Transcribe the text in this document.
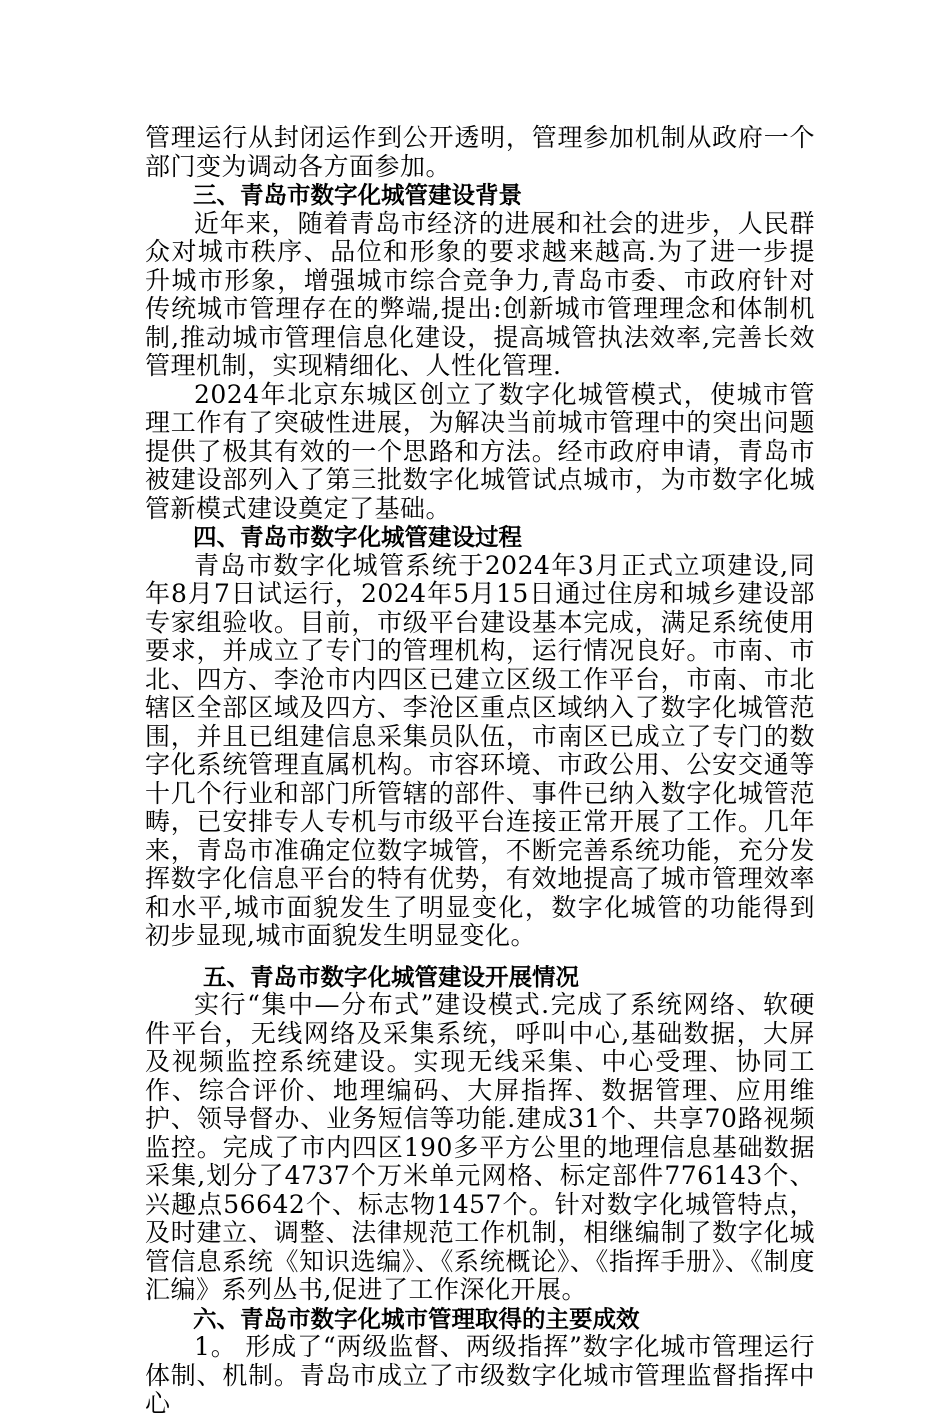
管理运行从封闭运作到公开透明，管理参加机制从政府一个部门变为调动各方面参加。

三、青岛市数字化城管建设背景

近年来，随着青岛市经济的进展和社会的进步，人民群众对城市秩序、品位和形象的要求越来越高.为了进一步提升城市形象，增强城市综合竞争力,青岛市委、市政府针对传统城市管理存在的弊端,提出:创新城市管理理念和体制机制,推动城市管理信息化建设，提高城管执法效率,完善长效管理机制，实现精细化、人性化管理.

2024年北京东城区创立了数字化城管模式，使城市管理工作有了突破性进展，为解决当前城市管理中的突出问题提供了极其有效的一个思路和方法。经市政府申请，青岛市被建设部列入了第三批数字化城管试点城市，为市数字化城管新模式建设奠定了基础。

四、青岛市数字化城管建设过程

青岛市数字化城管系统于2024年3月正式立项建设,同年8月7日试运行，2024年5月15日通过住房和城乡建设部专家组验收。目前，市级平台建设基本完成，满足系统使用要求，并成立了专门的管理机构，运行情况良好。市南、市北、四方、李沧市内四区已建立区级工作平台，市南、市北辖区全部区域及四方、李沧区重点区域纳入了数字化城管范围，并且已组建信息采集员队伍，市南区已成立了专门的数字化系统管理直属机构。市容环境、市政公用、公安交通等十几个行业和部门所管辖的部件、事件已纳入数字化城管范畴，已安排专人专机与市级平台连接正常开展了工作。几年来，青岛市准确定位数字城管，不断完善系统功能，充分发挥数字化信息平台的特有优势，有效地提高了城市管理效率和水平,城市面貌发生了明显变化，数字化城管的功能得到初步显现,城市面貌发生明显变化。

五、青岛市数字化城管建设开展情况

实行“集中—分布式”建设模式.完成了系统网络、软硬件平台，无线网络及采集系统，呼叫中心,基础数据，大屏及视频监控系统建设。实现无线采集、中心受理、协同工作、综合评价、地理编码、大屏指挥、数据管理、应用维护、领导督办、业务短信等功能.建成31个、共享70路视频监控。完成了市内四区190多平方公里的地理信息基础数据采集,划分了4737个万米单元网格、标定部件776143个、兴趣点56642个、标志物1457个。针对数字化城管特点，及时建立、调整、法律规范工作机制，相继编制了数字化城管信息系统《知识选编》、《系统概论》、《指挥手册》、《制度汇编》系列丛书,促进了工作深化开展。

六、青岛市数字化城市管理取得的主要成效

1。 形成了“两级监督、两级指挥”数字化城市管理运行体制、机制。青岛市成立了市级数字化城市管理监督指挥中心
